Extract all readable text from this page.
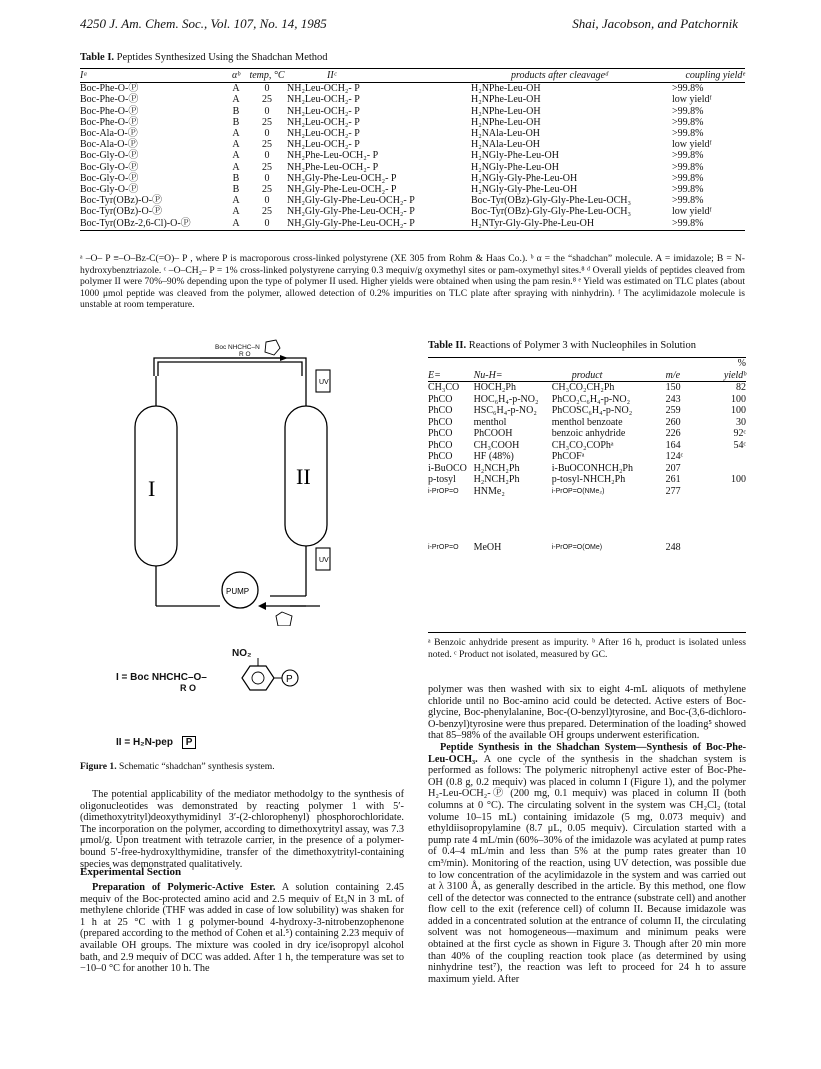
4250 J. Am. Chem. Soc., Vol. 107, No. 14, 1985	Shai, Jacobson, and Patchornik
Table I. Peptides Synthesized Using the Shadchan Method
Iᵃ	αᵇ	temp, °C	IIᶜ	products after cleavageᵈ	coupling yieldᵉ
Boc-Phe-O-Ⓟ	A	0	NH₂Leu-OCH₂- P	H₂NPhe-Leu-OH	>99.8%
Boc-Phe-O-Ⓟ	A	25	NH₂Leu-OCH₂- P	H₂NPhe-Leu-OH	low yieldᶠ
Boc-Phe-O-Ⓟ	B	0	NH₂Leu-OCH₂- P	H₂NPhe-Leu-OH	>99.8%
Boc-Phe-O-Ⓟ	B	25	NH₂Leu-OCH₂- P	H₂NPhe-Leu-OH	>99.8%
Boc-Ala-O-Ⓟ	A	0	NH₂Leu-OCH₂- P	H₂NAla-Leu-OH	>99.8%
Boc-Ala-O-Ⓟ	A	25	NH₂Leu-OCH₂- P	H₂NAla-Leu-OH	low yieldᶠ
Boc-Gly-O-Ⓟ	A	0	NH₂Phe-Leu-OCH₂- P	H₂NGly-Phe-Leu-OH	>99.8%
Boc-Gly-O-Ⓟ	A	25	NH₂Phe-Leu-OCH₂- P	H₂NGly-Phe-Leu-OH	>99.8%
Boc-Gly-O-Ⓟ	B	0	NH₂Gly-Phe-Leu-OCH₂- P	H₂NGly-Gly-Phe-Leu-OH	>99.8%
Boc-Gly-O-Ⓟ	B	25	NH₂Gly-Phe-Leu-OCH₂- P	H₂NGly-Gly-Phe-Leu-OH	>99.8%
Boc-Tyr(OBz)-O-Ⓟ	A	0	NH₂Gly-Gly-Phe-Leu-OCH₂- P	Boc-Tyr(OBz)-Gly-Gly-Phe-Leu-OCH₃	>99.8%
Boc-Tyr(OBz)-O-Ⓟ	A	25	NH₂Gly-Gly-Phe-Leu-OCH₂- P	Boc-Tyr(OBz)-Gly-Gly-Phe-Leu-OCH₃	low yieldᶠ
Boc-Tyr(OBz-2,6-Cl)-O-Ⓟ	A	0	NH₂Gly-Gly-Phe-Leu-OCH₂- P	H₂NTyr-Gly-Gly-Phe-Leu-OH	>99.8%
ᵃ –O– P ≡–O–Bz-C(=O)– P , where P is macroporous cross-linked polystyrene (XE 305 from Rohm & Haas Co.). ᵇ α = the “shadchan” molecule. A = imidazole; B = N-hydroxybenztriazole. ᶜ –O–CH₂– P = 1% cross-linked polystyrene carrying 0.3 mequiv/g oxymethyl sites or pam-oxymethyl sites.⁸ ᵈ Overall yields of peptides cleaved from polymer II were 70%–90% depending upon the type of polymer II used. Higher yields were obtained when using the pam resin.⁸ ᵉ Yield was estimated on TLC plates (about 1000 μmol peptide was cleaved from the polymer, allowed detection of 0.2% impurities on TLC plate after spraying with ninhydrin). ᶠ The acylimidazole molecule is unstable at room temperature.
UV
UV
PUMP
I	II
Boc NHCHC–N
R O
NO₂
I = Boc NHCHC–O–
R O
P
II = H₂N-pep P
Figure 1. Schematic “shadchan” synthesis system.
Table II. Reactions of Polymer 3 with Nucleophiles in Solution
				%
E=	Nu-H=	product	m/e	yieldᵇ
CH₃CO	HOCH₂Ph	CH₃CO₂CH₂Ph	150	82
PhCO	HOC₆H₄-p-NO₂	PhCO₂C₆H₄-p-NO₂	243	100
PhCO	HSC₆H₄-p-NO₂	PhCOSC₆H₄-p-NO₂	259	100
PhCO	menthol	menthol benzoate	260	30
PhCO	PhCOOH	benzoic anhydride	226	92ᶜ
PhCO	CH₃COOH	CH₃CO₂COPhᵃ	164	54ᶜ
PhCO	HF (48%)	PhCOFᵃ	124ᶜ	
i-BuOCO	H₂NCH₂Ph	i-BuOCONHCH₂Ph	207	
p-tosyl	H₂NCH₂Ph	p-tosyl-NHCH₂Ph	261	100
i-PrOP=O	HNMe₂	i-PrOP=O(NMe₂)	277	
i-PrOP=O	MeOH	i-PrOP=O(OMe)	248	
ᵃ Benzoic anhydride present as impurity. ᵇ After 16 h, product is isolated unless noted. ᶜ Product not isolated, measured by GC.
The potential applicability of the mediator methodolgy to the synthesis of oligonucleotides was demonstrated by reacting polymer 1 with 5′-(dimethoxytrityl)deoxythymidinyl 3′-(2-chlorophenyl) phosphorochloridate. The incorporation on the polymer, according to dimethoxytrityl assay, was 7.3 μmol/g. Upon treatment with tetrazole carrier, in the presence of a polymer-bound 5′-free-hydroxylthymidine, transfer of the dimethoxytrityl-containing species was demonstrated qualitatively.
Experimental Section
Preparation of Polymeric-Active Ester. A solution containing 2.45 mequiv of the Boc-protected amino acid and 2.5 mequiv of Et₃N in 3 mL of methylene chloride (THF was added in case of low solubility) was shaken for 1 h at 25 °C with 1 g polymer-bound 4-hydroxy-3-nitrobenzophenone (prepared according to the method of Cohen et al.⁵) containing 2.23 mequiv of available OH groups. The mixture was cooled in dry ice/isopropyl alcohol bath, and 2.9 mequiv of DCC was added. After 1 h, the temperature was set to −10–0 °C for another 10 h. The
polymer was then washed with six to eight 4-mL aliquots of methylene chloride until no Boc-amino acid could be detected. Active esters of Boc-glycine, Boc-phenylalanine, Boc-(O-benzyl)tyrosine, and Boc-(3,6-dichloro-O-benzyl)tyrosine were thus prepared. Determination of the loading⁵ showed that 85–98% of the available OH groups underwent esterification.
Peptide Synthesis in the Shadchan System—Synthesis of Boc-Phe-Leu-OCH₃. A one cycle of the synthesis in the shadchan system is performed as follows: The polymeric nitrophenyl active ester of Boc-Phe-OH (0.8 g, 0.2 mequiv) was placed in column I (Figure 1), and the polymer H₂-Leu-OCH₂-Ⓟ (200 mg, 0.1 mequiv) was placed in column II (both columns at 0 °C). The circulating solvent in the system was CH₂Cl₂ (total volume 10–15 mL) containing imidazole (5 mg, 0.073 mequiv) and ethyldiisopropylamine (8.7 μL, 0.05 mequiv). Circulation started with a pump rate 4 mL/min (60%–30% of the imidazole was acylated at pump rates of 0.4–4 mL/min and less than 5% at the pump rates greater than 10 cm³/min). Monitoring of the reaction, using UV detection, was possible due to low concentration of the acylimidazole in the system and was carried out at λ 3100 Å, as generally described in the article. By this method, one flow cell of the detector was connected to the entrance (substrate cell) and another flow cell to the exit (reference cell) of column II. Because imidazole was added in a concentrated solution at the entrance of column II, the circulating solvent was not homogeneous—maximum and minimum peaks were obtained at the first cycle as shown in Figure 3. Though after 20 min more than 40% of the coupling reaction took place (as determined by using ninhydrine test⁷), the reaction was left to proceed for 24 h to assure maximum yield. After
